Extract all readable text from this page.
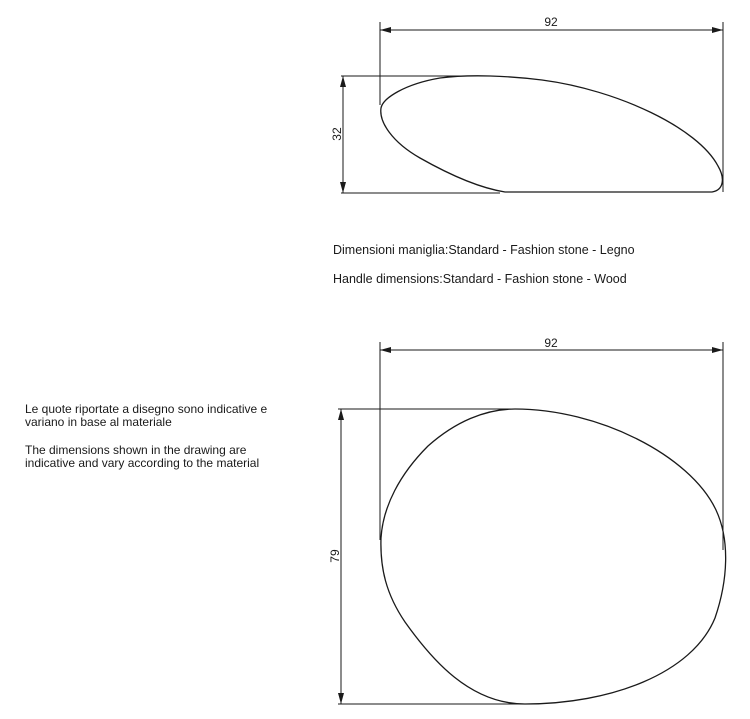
92
32
92
79

Dimensioni maniglia:Standard - Fashion stone - Legno

Handle dimensions:Standard - Fashion stone - Wood

Le quote riportate a disegno sono indicative e variano in base al materiale

The dimensions shown in the drawing are indicative and vary according to the material
